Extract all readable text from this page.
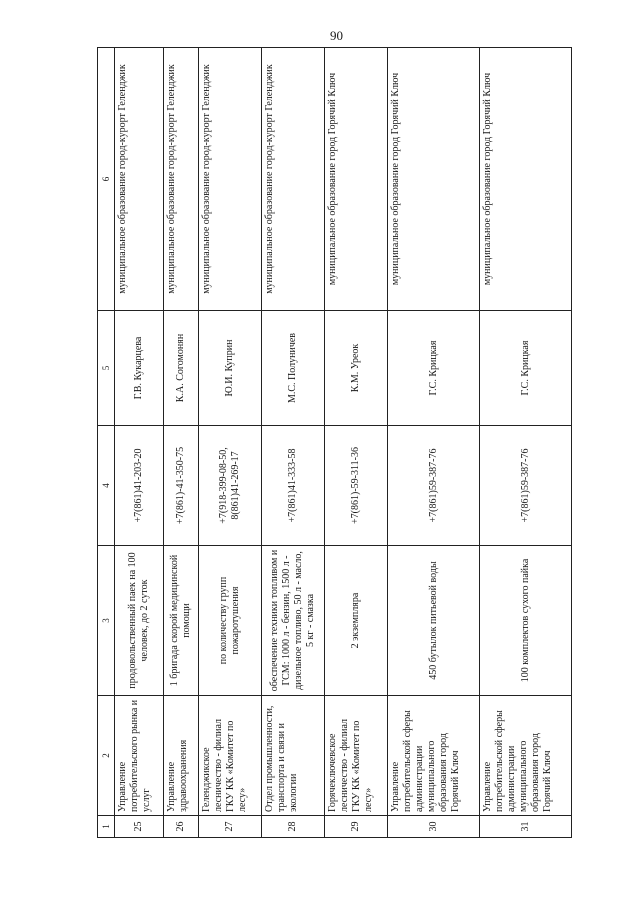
90
1	2	3	4	5	6
25	Управление потребительского рынка и услуг	продовольственный паек на 100 человек, до 2 суток	+7(861)41-203-20	Г.В. Кукарцева	муниципальное образование город-курорт Геленджик
26	Управление здравоохранения	1 бригада скорой медицинской помощи	+7(861)-41-350-75	К.А. Согомонян	муниципальное образование город-курорт Геленджик
27	Геленджикское лесничество - филиал ГКУ КК «Комитет по лесу»	по количеству групп пожаротушения	+7(918-399-08-50, 8(861)41-269-17	Ю.И. Куприн	муниципальное образование город-курорт Геленджик
28	Отдел промышленности, транспорта и связи и экологии	обеспечение техники топливом и ГСМ: 1000 л - бензин, 1500 л - дизельное топливо, 50 л - масло, 5 кг - смазка	+7(861)41-333-58	М.С. Полуничев	муниципальное образование город-курорт Геленджик
29	Горячеключевское лесничество - филиал ГКУ КК «Комитет по лесу»	2 экземпляра	+7(861)-59-311-36	К.М. Уреок	муниципальное образование город Горячий Ключ
30	Управление потребительской сферы администрации муниципального образования город Горячий Ключ	450 бутылок питьевой воды	+7(861)59-387-76	Г.С. Крицкая	муниципальное образование город Горячий Ключ
31	Управление потребительской сферы администрации муниципального образования город Горячий Ключ	100 комплектов сухого пайка	+7(861)59-387-76	Г.С. Крицкая	муниципальное образование город Горячий Ключ
